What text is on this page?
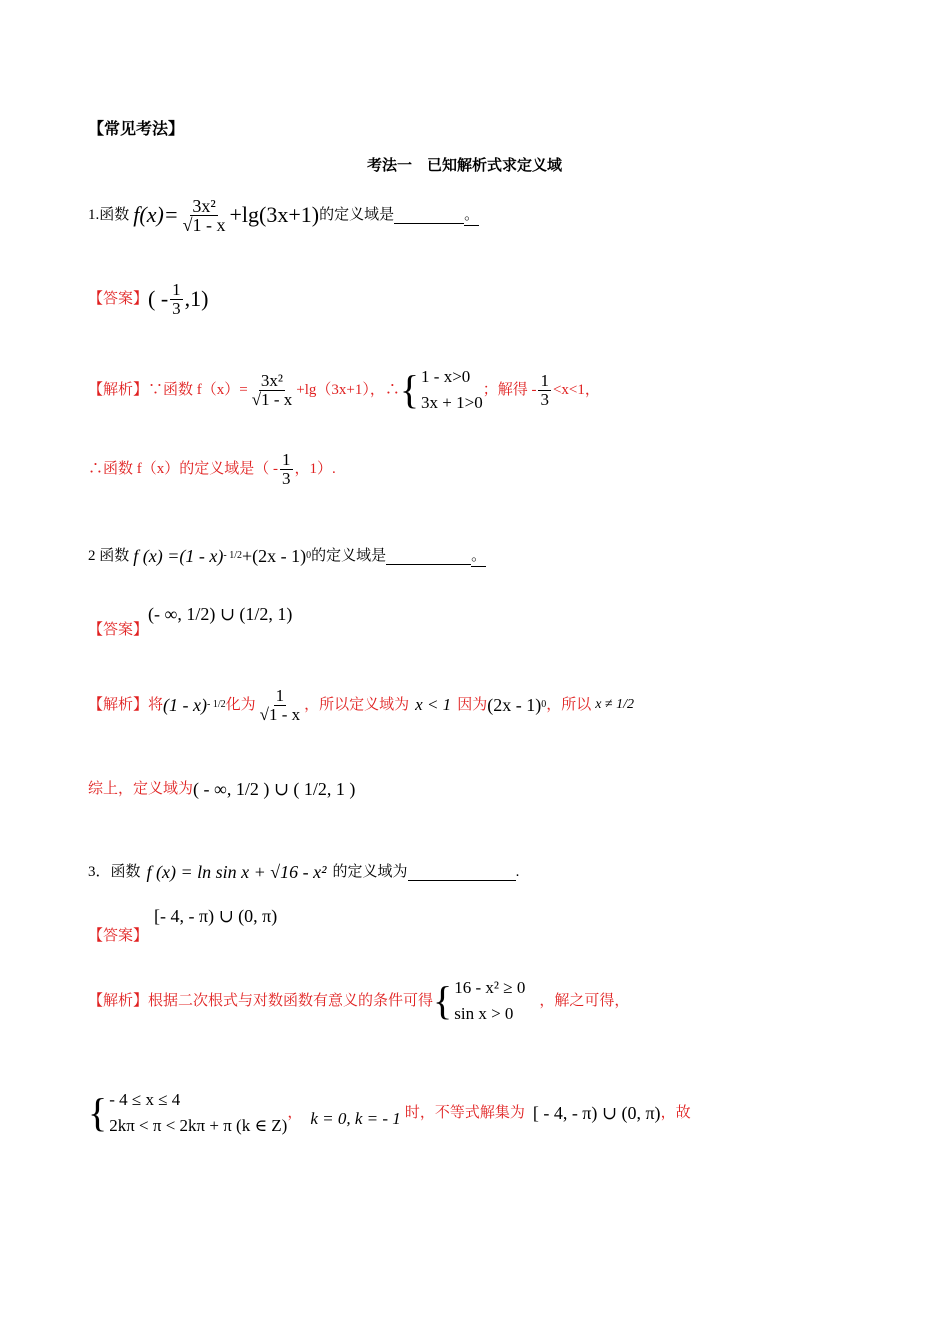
【常见考法】
考法一　已知解析式求定义域
1.函数 $f(x)= \frac{\text{3x²}}{√1 - x} +\lg(3x+1)$ 的定义域是	。
【答案】 ( - $\frac{1}{3} ,1$)
【解析】 ∵函数 $f(x)= \frac{\text{3x²}}{√1 - x} +\lg(3x+1)$，∴ { 1 - x>0
3x + 1>0
；解得 - $\frac{1}{3} <x<1$，
∴函数 f（x）的定义域是（ - $\frac{1}{3}$ ，1）.
2 函数 f (x) =(1 - x) - 1/2 +(2x - 1) 0 的定义域是	。
【答案】
(- ∞, 1/2) ∪ (1/2, 1)
【解析】 将 (1 - x) - 1/2 化为 $\frac{1}{√1 - x}$ ，所以定义域为 x < 1 因为 (2x - 1) 0 ，所以 x ≠ 1/2
综上，定义域为 ( - ∞, 1/2 ) ∪ ( 1/2, 1 )
3．函数 f (x) = ln sin x + √16 - x² 的定义域为	.
[- 4, - π) ∪ (0, π)
【答案】
【解析】 根据二次根式与对数函数有意义的条件可得 { 16 - x² ≥ 0
sin x > 0
，解之可得，
{ - 4 ≤ x ≤ 4
2kπ < π < 2kπ + π (k ∈ Z)
， k = 0, k = - 1 时，不等式解集为 [ - 4, - π) ∪ (0, π) ，故
